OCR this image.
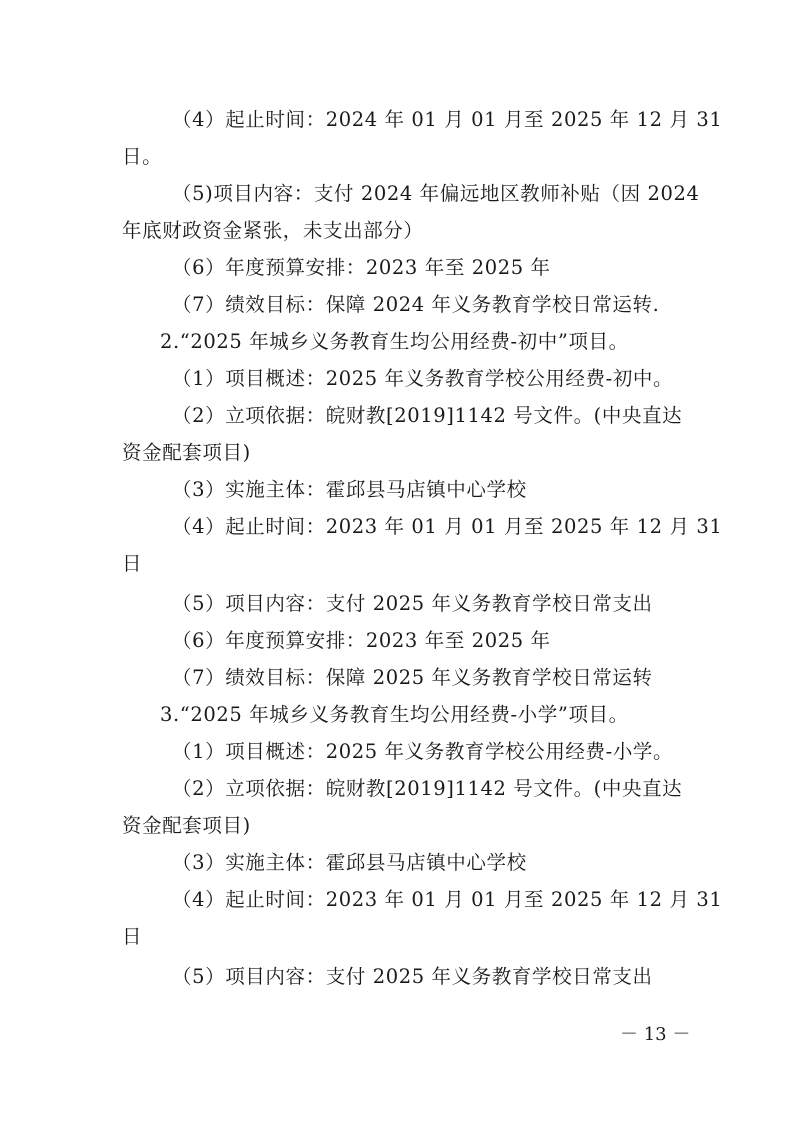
（4）起止时间：2024 年 01 月 01 月至 2025 年 12 月 31
日。
（5)项目内容：支付 2024 年偏远地区教师补贴（因 2024
年底财政资金紧张，未支出部分）
（6）年度预算安排：2023 年至 2025 年
（7）绩效目标：保障 2024 年义务教育学校日常运转.
2.“2025 年城乡义务教育生均公用经费-初中”项目。
（1）项目概述：2025 年义务教育学校公用经费-初中。
（2）立项依据：皖财教[2019]1142 号文件。(中央直达
资金配套项目)
（3）实施主体：霍邱县马店镇中心学校
（4）起止时间：2023 年 01 月 01 月至 2025 年 12 月 31
日
（5）项目内容：支付 2025 年义务教育学校日常支出
（6）年度预算安排：2023 年至 2025 年
（7）绩效目标：保障 2025 年义务教育学校日常运转
3.“2025 年城乡义务教育生均公用经费-小学”项目。
（1）项目概述：2025 年义务教育学校公用经费-小学。
（2）立项依据：皖财教[2019]1142 号文件。(中央直达
资金配套项目)
（3）实施主体：霍邱县马店镇中心学校
（4）起止时间：2023 年 01 月 01 月至 2025 年 12 月 31
日
（5）项目内容：支付 2025 年义务教育学校日常支出
－ 13 －
